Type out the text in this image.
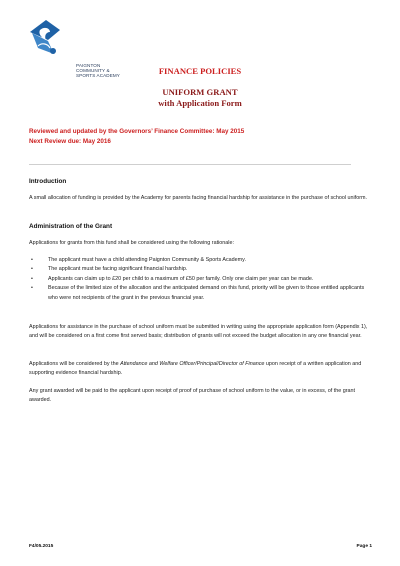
PAIGNTON
COMMUNITY &
SPORTS ACADEMY	FINANCE POLICIES
UNIFORM GRANT
with Application Form
Reviewed and updated by the Governors’ Finance Committee: May 2015
Next Review due: May 2016
Introduction
A small allocation of funding is provided by the Academy for parents facing financial hardship for assistance in the purchase of school uniform.
Administration of the Grant
Applications for grants from this fund shall be considered using the following rationale:
•	The applicant must have a child attending Paignton Community & Sports Academy.
•	The applicant must be facing significant financial hardship.
•	Applicants can claim up to £20 per child to a maximum of £50 per family. Only one claim per year can be made.
•	Because of the limited size of the allocation and the anticipated demand on this fund, priority will be given to those entitled applicants who were not recipients of the grant in the previous financial year.
Applications for assistance in the purchase of school uniform must be submitted in writing using the appropriate application form (Appendix 1), and will be considered on a first come first served basis; distribution of grants will not exceed the budget allocation in any one financial year.
Applications will be considered by the Attendance and Welfare Officer/Principal/Director of Finance upon receipt of a written application and supporting evidence financial hardship.
Any grant awarded will be paid to the applicant upon receipt of proof of purchase of school uniform to the value, or in excess, of the grant awarded.
F4/05.2015	Page 1
